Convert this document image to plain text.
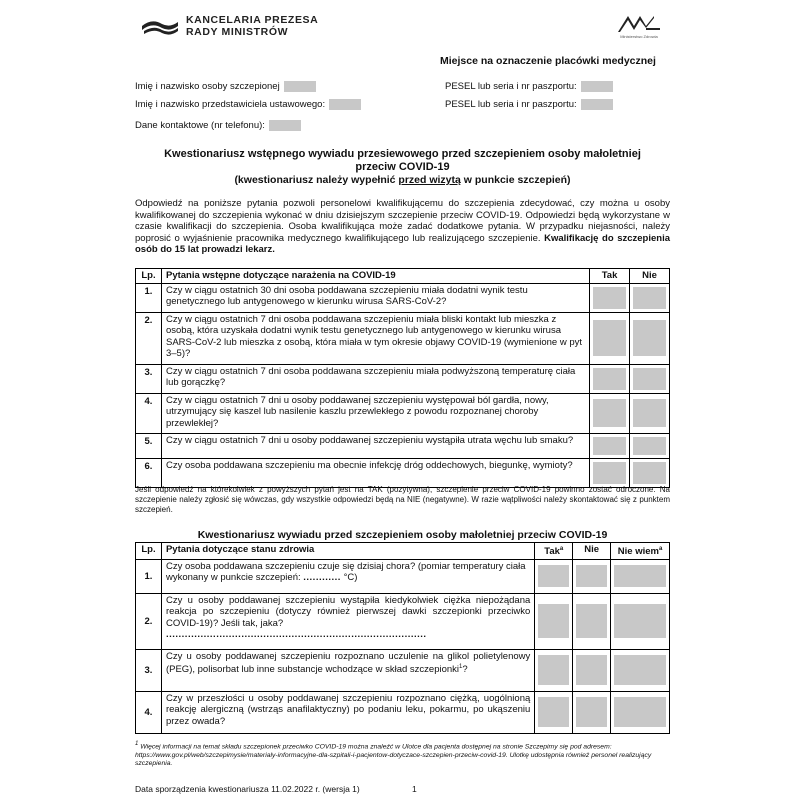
KANCELARIA PREZESA
RADY MINISTRÓW	Ministerstwo Zdrowia
Miejsce na oznaczenie placówki medycznej
Imię i nazwisko osoby szczepionej	PESEL lub seria i nr paszportu:
Imię i nazwisko przedstawiciela ustawowego:	PESEL lub seria i nr paszportu:
Dane kontaktowe (nr telefonu):
Kwestionariusz wstępnego wywiadu przesiewowego przed szczepieniem osoby małoletniej
przeciw COVID-19
(kwestionariusz należy wypełnić przed wizytą w punkcie szczepień)
Odpowiedź na poniższe pytania pozwoli personelowi kwalifikującemu do szczepienia zdecydować, czy można u osoby kwalifikowanej do szczepienia wykonać w dniu dzisiejszym szczepienie przeciw COVID-19. Odpowiedzi będą wykorzystane w czasie kwalifikacji do szczepienia. Osoba kwalifikująca może zadać dodatkowe pytania. W przypadku niejasności, należy poprosić o wyjaśnienie pracownika medycznego kwalifikującego lub realizującego szczepienie. Kwalifikację do szczepienia osób do 15 lat prowadzi lekarz.
Lp.	Pytania wstępne dotyczące narażenia na COVID-19	Tak	Nie
1.	Czy w ciągu ostatnich 30 dni osoba poddawana szczepieniu miała dodatni wynik testu genetycznego lub antygenowego w kierunku wirusa SARS-CoV-2?	

2.	Czy w ciągu ostatnich 7 dni osoba poddawana szczepieniu miała bliski kontakt lub mieszka z osobą, która uzyskała dodatni wynik testu genetycznego lub antygenowego w kierunku wirusa SARS-CoV-2 lub mieszka z osobą, która miała w tym okresie objawy COVID-19 (wymienione w pyt 3–5)?	

3.	Czy w ciągu ostatnich 7 dni osoba poddawana szczepieniu miała podwyższoną temperaturę ciała lub gorączkę?	

4.	Czy w ciągu ostatnich 7 dni u osoby poddawanej szczepieniu występował ból gardła, nowy, utrzymujący się kaszel lub nasilenie kaszlu przewlekłego z powodu rozpoznanej choroby przewlekłej?	

5.	Czy w ciągu ostatnich 7 dni u osoby poddawanej szczepieniu wystąpiła utrata węchu lub smaku?	

6.	Czy osoba poddawana szczepieniu ma obecnie infekcję dróg oddechowych, biegunkę, wymioty?	

Jeśli odpowiedź na którekolwiek z powyższych pytań jest na TAK (pozytywna), szczepienie przeciw COVID-19 powinno zostać odroczone. Na szczepienie należy zgłosić się wówczas, gdy wszystkie odpowiedzi będą na NIE (negatywne). W razie wątpliwości należy skontaktować się z punktem szczepień.
Kwestionariusz wywiadu przed szczepieniem osoby małoletniej przeciw COVID-19
Lp.	Pytania dotyczące stanu zdrowia	Tak$^a$	Nie	Nie wiem$^a$
1.	Czy osoba poddawana szczepieniu czuje się dzisiaj chora? (pomiar temperatury ciała wykonany w punkcie szczepień: ............ °C)	

2.	Czy u osoby poddawanej szczepieniu wystąpiła kiedykolwiek ciężka niepożądana reakcja po szczepieniu (dotyczy również pierwszej dawki szczepionki przeciwko COVID-19)? Jeśli tak, jaka?
...................................................................................	

3.	Czy u osoby poddawanej szczepieniu rozpoznano uczulenie na glikol polietylenowy (PEG), polisorbat lub inne substancje wchodzące w skład szczepionki$^1$?	

4.	Czy w przeszłości u osoby poddawanej szczepieniu rozpoznano ciężką, uogólnioną reakcję alergiczną (wstrząs anafilaktyczny) po podaniu leku, pokarmu, po ukąszeniu przez owada?	

$^1$ Więcej informacji na temat składu szczepionek przeciwko COVID-19 można znaleźć w Ulotce dla pacjenta dostępnej na stronie Szczepimy się pod adresem: https://www.gov.pl/web/szczepimysie/materialy-informacyjne-dla-szpitali-i-pacjentow-dotyczace-szczepien-przeciw-covid-19. Ulotkę udostępnia również personel realizujący szczepienia.
Data sporządzenia kwestionariusza 11.02.2022 r. (wersja 1)	1
